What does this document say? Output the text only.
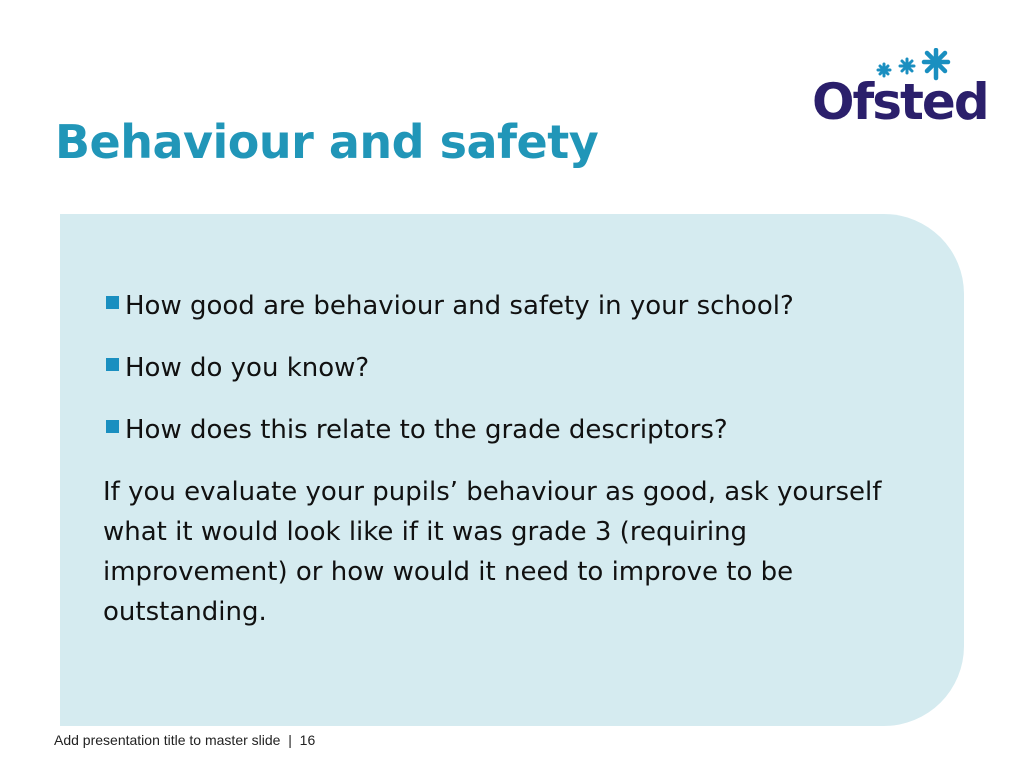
Behaviour and safety
Ofsted
How good are behaviour and safety in your school?
How do you know?
How does this relate to the grade descriptors?

If you evaluate your pupils’ behaviour as good, ask yourself what it would look like if it was grade 3 (requiring improvement) or how would it need to improve to be outstanding.

Add presentation title to master slide | 16
